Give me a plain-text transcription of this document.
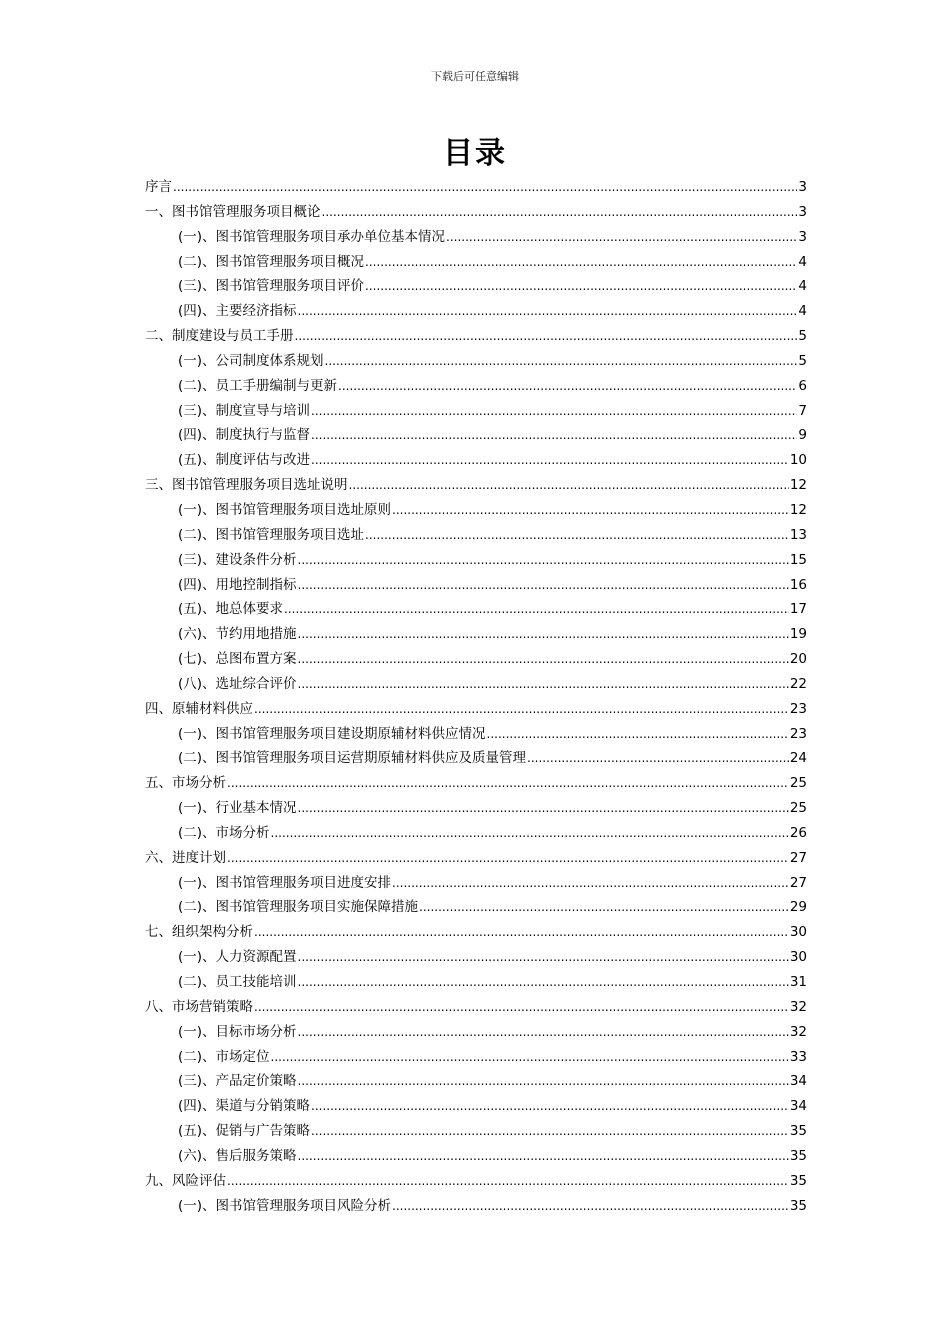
下载后可任意编辑
目录
序言 .....	3
一、图书馆管理服务项目概论 .....	3
(一)、图书馆管理服务项目承办单位基本情况 .....	3
(二)、图书馆管理服务项目概况 .....	4
(三)、图书馆管理服务项目评价 .....	4
(四)、主要经济指标 .....	4
二、制度建设与员工手册 .....	5
(一)、公司制度体系规划 .....	5
(二)、员工手册编制与更新 .....	6
(三)、制度宣导与培训 .....	7
(四)、制度执行与监督 .....	9
(五)、制度评估与改进 .....	10
三、图书馆管理服务项目选址说明 .....	12
(一)、图书馆管理服务项目选址原则 .....	12
(二)、图书馆管理服务项目选址 .....	13
(三)、建设条件分析 .....	15
(四)、用地控制指标 .....	16
(五)、地总体要求 .....	17
(六)、节约用地措施 .....	19
(七)、总图布置方案 .....	20
(八)、选址综合评价 .....	22
四、原辅材料供应 .....	23
(一)、图书馆管理服务项目建设期原辅材料供应情况 .....	23
(二)、图书馆管理服务项目运营期原辅材料供应及质量管理 .....	24
五、市场分析 .....	25
(一)、行业基本情况 .....	25
(二)、市场分析 .....	26
六、进度计划 .....	27
(一)、图书馆管理服务项目进度安排 .....	27
(二)、图书馆管理服务项目实施保障措施 .....	29
七、组织架构分析 .....	30
(一)、人力资源配置 .....	30
(二)、员工技能培训 .....	31
八、市场营销策略 .....	32
(一)、目标市场分析 .....	32
(二)、市场定位 .....	33
(三)、产品定价策略 .....	34
(四)、渠道与分销策略 .....	34
(五)、促销与广告策略 .....	35
(六)、售后服务策略 .....	35
九、风险评估 .....	35
(一)、图书馆管理服务项目风险分析 .....	35
